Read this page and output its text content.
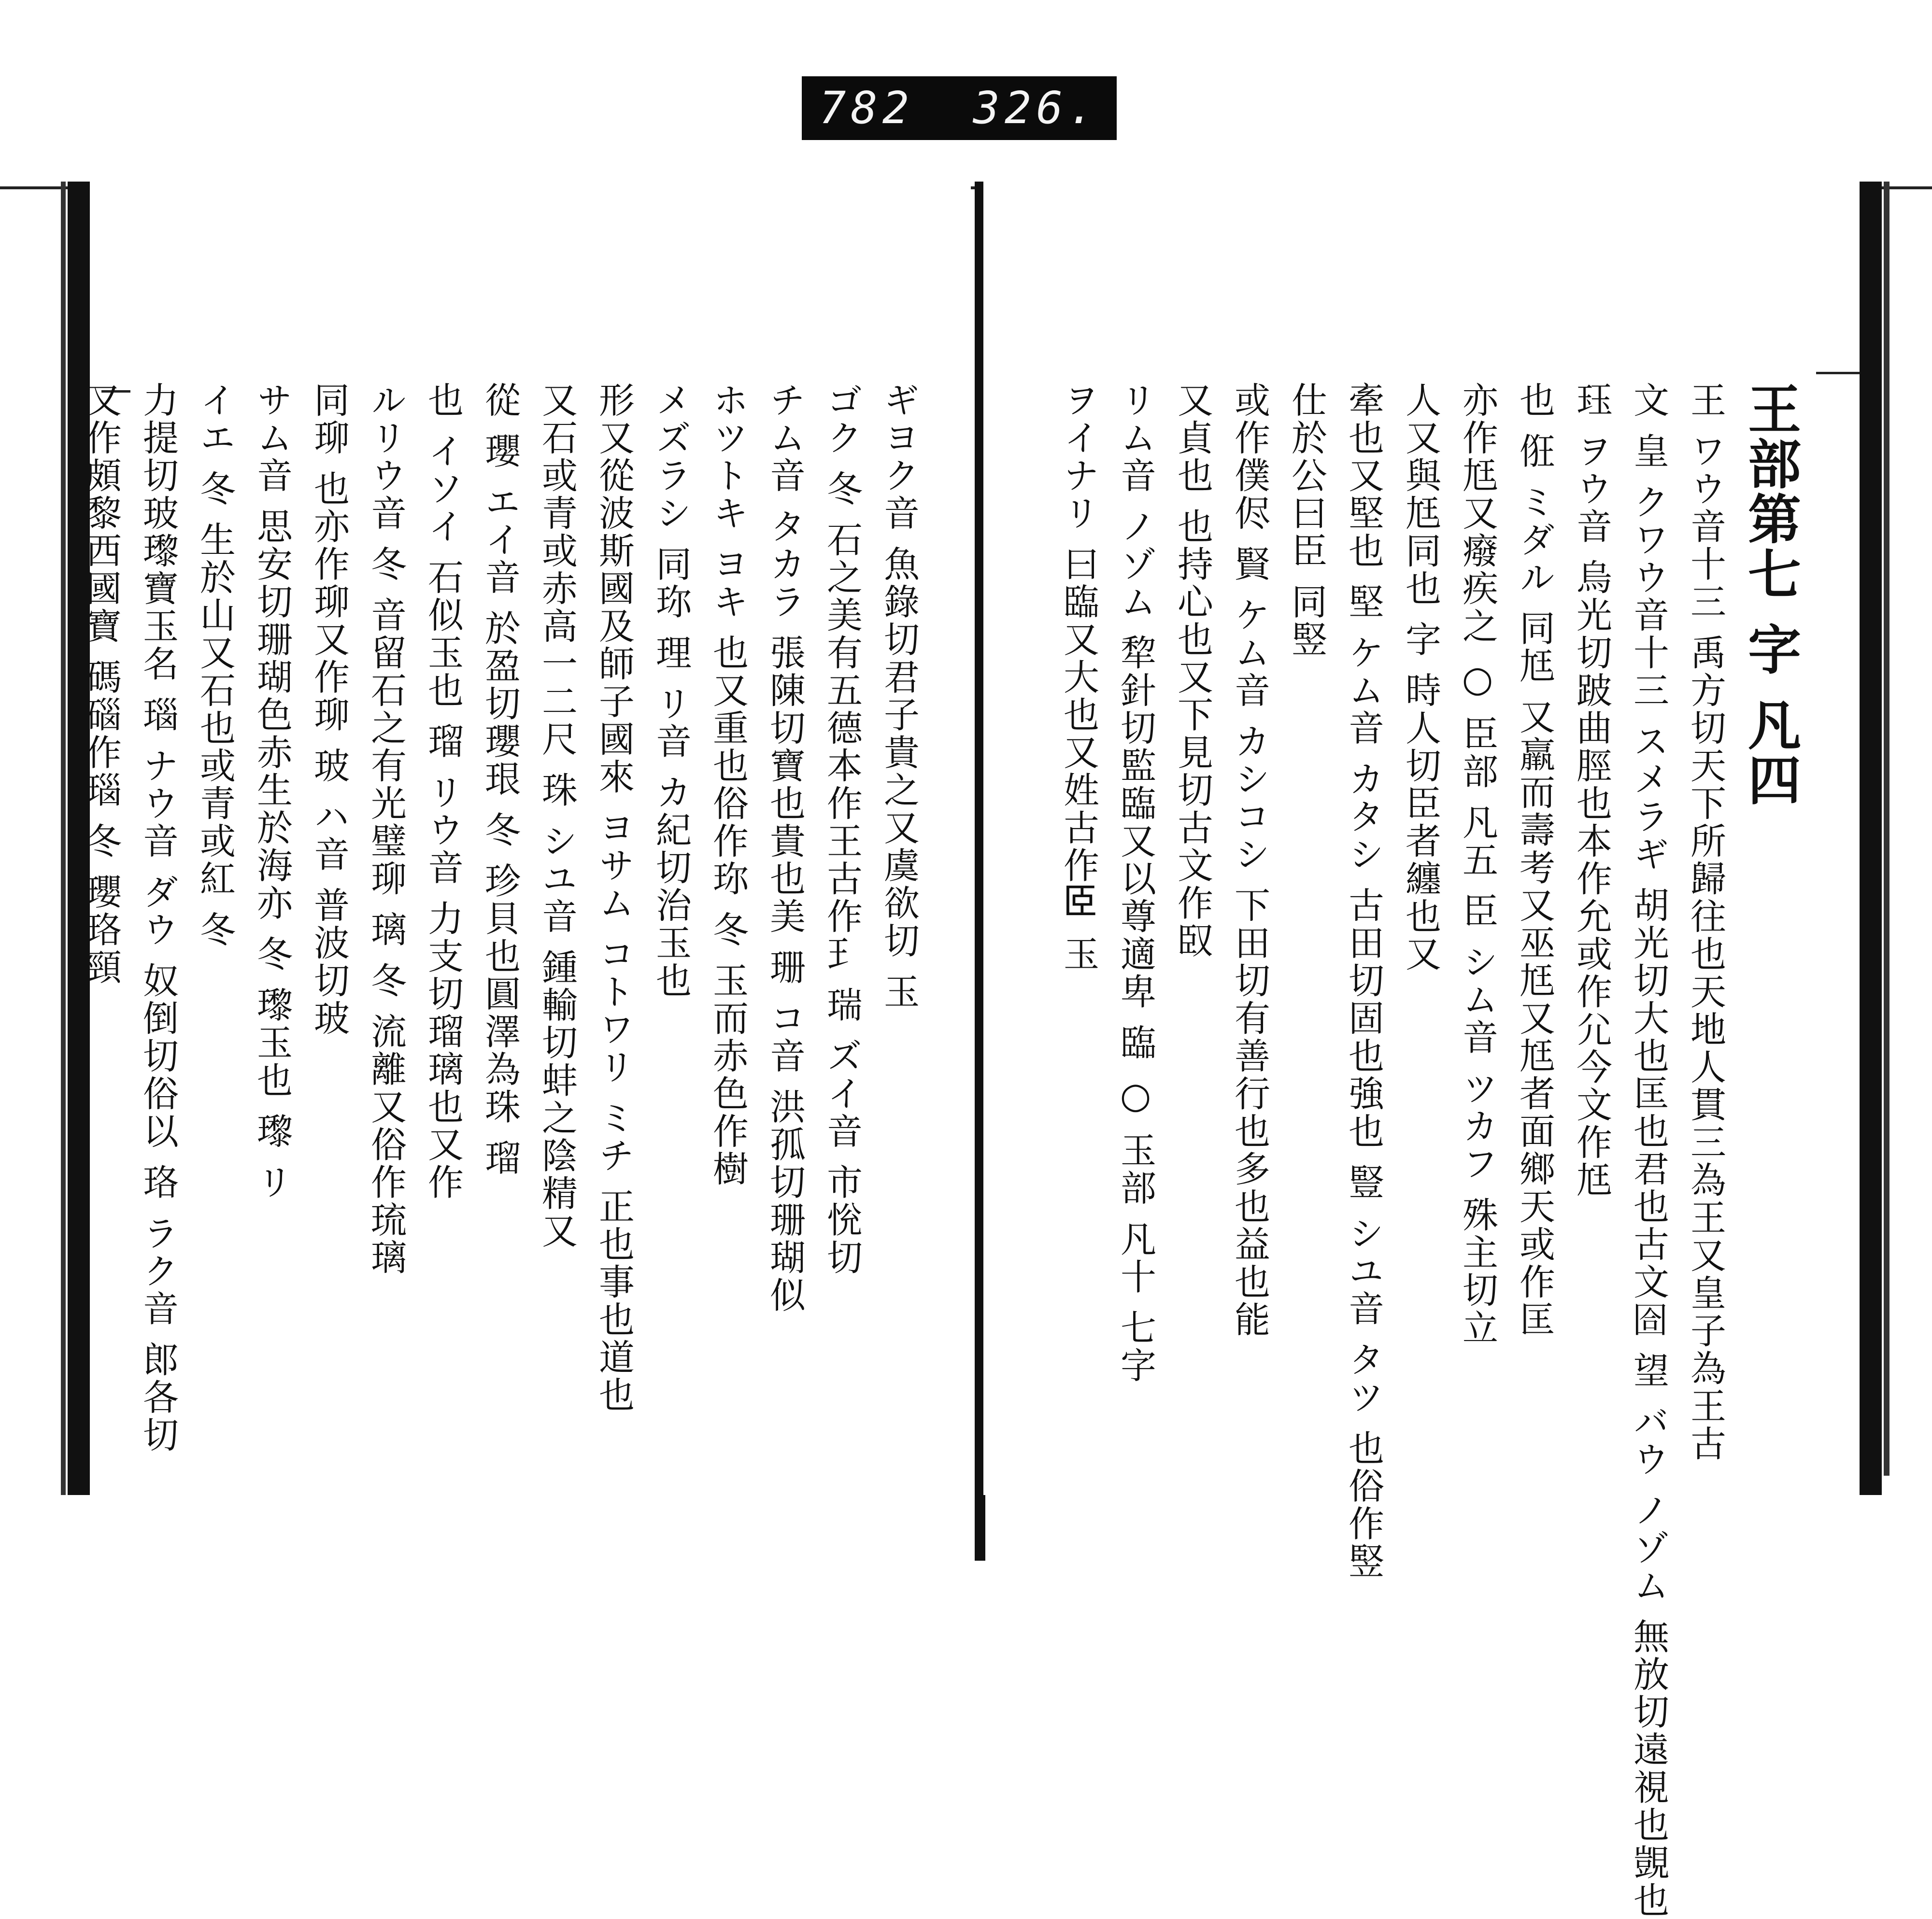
782 326.
王部第七 字 凡四
王 ワウ音十三 禹方切天下所歸往也天地人貫三為王又皇子為王古
文 皇 クワウ音十三 スメラギ 胡光切大也匡也君也古文𡇞 望 バウ ノゾム 無放切遠視也覬也
𤤴 ヲウ音 烏光切跛曲脛也本作允或作尣今文作尪
也 俇 ミダル 同尪 又羸而壽考又巫尪又尪者面鄉天或作匡
亦作尪又癈疾之 ○ 臣部 凡五 臣 シム音 ツカフ 殊主切立
人又與尪同也 字 時人切臣者纏也又
牽也又堅也 堅 ケム音 カタシ 古田切固也強也 豎 シユ音 タツ 也俗作竪
仕於公曰臣 同竪
或作僕侭 賢 ケム音 カシコシ 下田切有善行也多也益也能
又貞也 也持心也又下見切古文作臤
リム音 ノゾム 犂針切監臨又以尊適卑 臨 ○ 玉部 凡十 七字
ヲイナリ 曰臨又大也又姓古作𦣞 玉
ギヨク音 魚錄切君子貴之又虞欲切 玉
ゴク 冬 石之美有五德本作王古作𤣩 瑞 ズイ音 市恱切
チム音 タカラ 張陳切寶也貴也美 珊 コ音 洪孤切珊瑚似
ホツトキ ヨキ 也又重也俗作珎 冬 玉而赤色作樹
メズラシ 同珎 理 リ音 カ紀切治玉也
形又從波斯國及師子國來 ヨサム コトワリ ミチ 正也事也道也
又石或青或赤高一二尺 珠 シユ音 鍾輸切蚌之陰精又
從 瓔 エイ音 於盈切瓔珢 冬 珍貝也圓澤為珠 瑠
也 イソイ 石似玉也 瑠 リウ音 力支切瑠璃也又作
ルリウ音 冬 音留石之有光璧珋 璃 冬 流離又俗作琉璃
同珋 也亦作珋又作珋 玻 ハ音 普波切玻
サム音 思安切珊瑚色赤生於海亦 冬 瓈玉也 瓈 リ
イエ 冬 生於山又石也或青或紅 冬
力提切玻瓈寶玉名 瑙 ナウ音 ダウ 奴倒切俗以 珞 ラク音 郎各切
又作頗黎西國寶 碼碯作瑙 冬 瓔珞頸
